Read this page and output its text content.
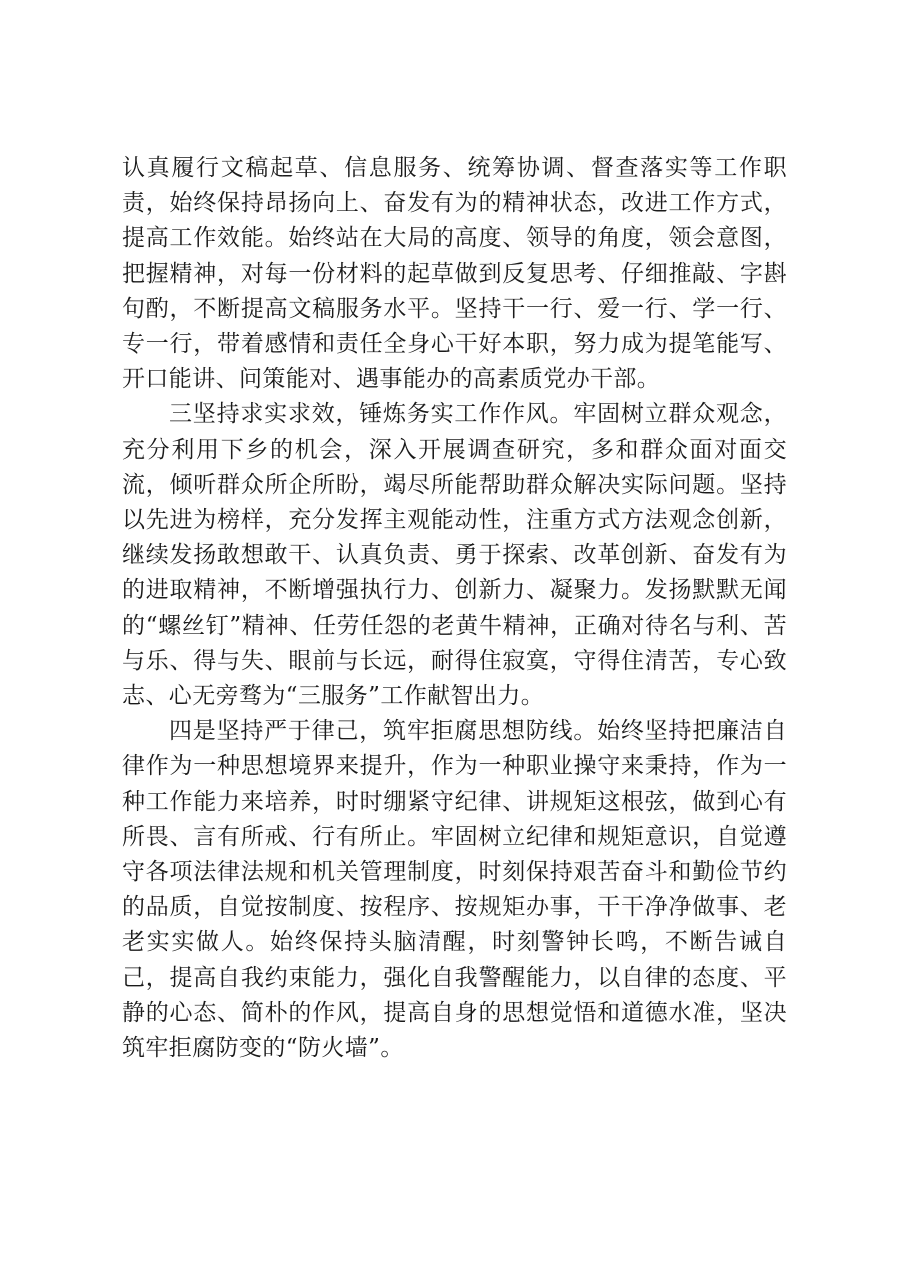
认真履行文稿起草、信息服务、统筹协调、督查落实等工作职责，始终保持昂扬向上、奋发有为的精神状态，改进工作方式，提高工作效能。始终站在大局的高度、领导的角度，领会意图，把握精神，对每一份材料的起草做到反复思考、仔细推敲、字斟句酌，不断提高文稿服务水平。坚持干一行、爱一行、学一行、专一行，带着感情和责任全身心干好本职，努力成为提笔能写、开口能讲、问策能对、遇事能办的高素质党办干部。

三坚持求实求效，锤炼务实工作作风。牢固树立群众观念，充分利用下乡的机会，深入开展调查研究，多和群众面对面交流，倾听群众所企所盼，竭尽所能帮助群众解决实际问题。坚持以先进为榜样，充分发挥主观能动性，注重方式方法观念创新，继续发扬敢想敢干、认真负责、勇于探索、改革创新、奋发有为的进取精神，不断增强执行力、创新力、凝聚力。发扬默默无闻的“螺丝钉”精神、任劳任怨的老黄牛精神，正确对待名与利、苦与乐、得与失、眼前与长远，耐得住寂寞，守得住清苦，专心致志、心无旁骛为“三服务”工作献智出力。

四是坚持严于律己，筑牢拒腐思想防线。始终坚持把廉洁自律作为一种思想境界来提升，作为一种职业操守来秉持，作为一种工作能力来培养，时时绷紧守纪律、讲规矩这根弦，做到心有所畏、言有所戒、行有所止。牢固树立纪律和规矩意识，自觉遵守各项法律法规和机关管理制度，时刻保持艰苦奋斗和勤俭节约的品质，自觉按制度、按程序、按规矩办事，干干净净做事、老老实实做人。始终保持头脑清醒，时刻警钟长鸣，不断告诫自己，提高自我约束能力，强化自我警醒能力，以自律的态度、平静的心态、简朴的作风，提高自身的思想觉悟和道德水准，坚决筑牢拒腐防变的“防火墙”。
